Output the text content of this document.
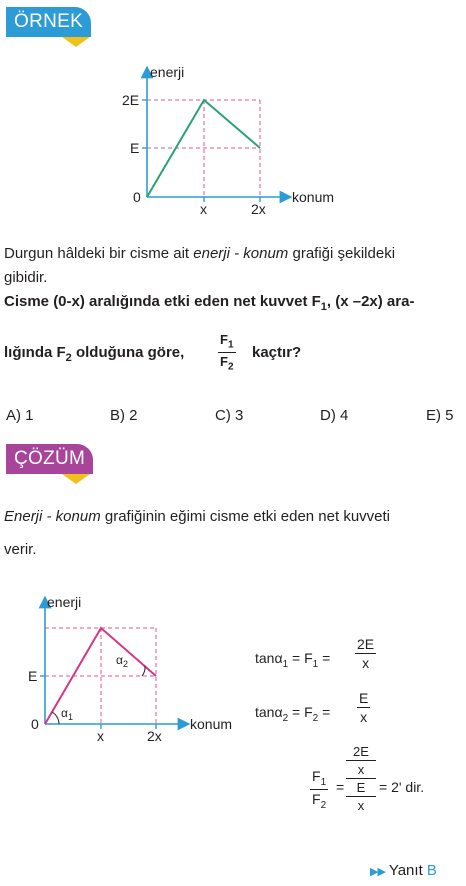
ÖRNEK
enerji
konum
2E
E
0
x	2x
Durgun hâldeki bir cisme ait enerji - konum grafiği şekildeki
gibidir.
Cisme (0-x) aralığında etki eden net kuvvet $F_1$, (x –2x) ara-
lığında $F_2$ olduğuna göre,	$\frac{F_1}{F_2}$ kaçtır?
A) 1	B) 2	C) 3	D) 4	E) 5
ÇÖZÜM
Enerji - konum grafiğinin eğimi cisme etki eden net kuvveti
verir.
$\alpha_1$
$\alpha_2$
enerji
konum
E
0
x	2x
$\tan\alpha_1 = F_1 = \frac{2E}{x}$
$\tan\alpha_2 = F_2 = \frac{E}{x}$
$\frac{F_1}{F_2}$ =
2E
x
E
x
= 2' dir.
▶▶ Yanıt B
